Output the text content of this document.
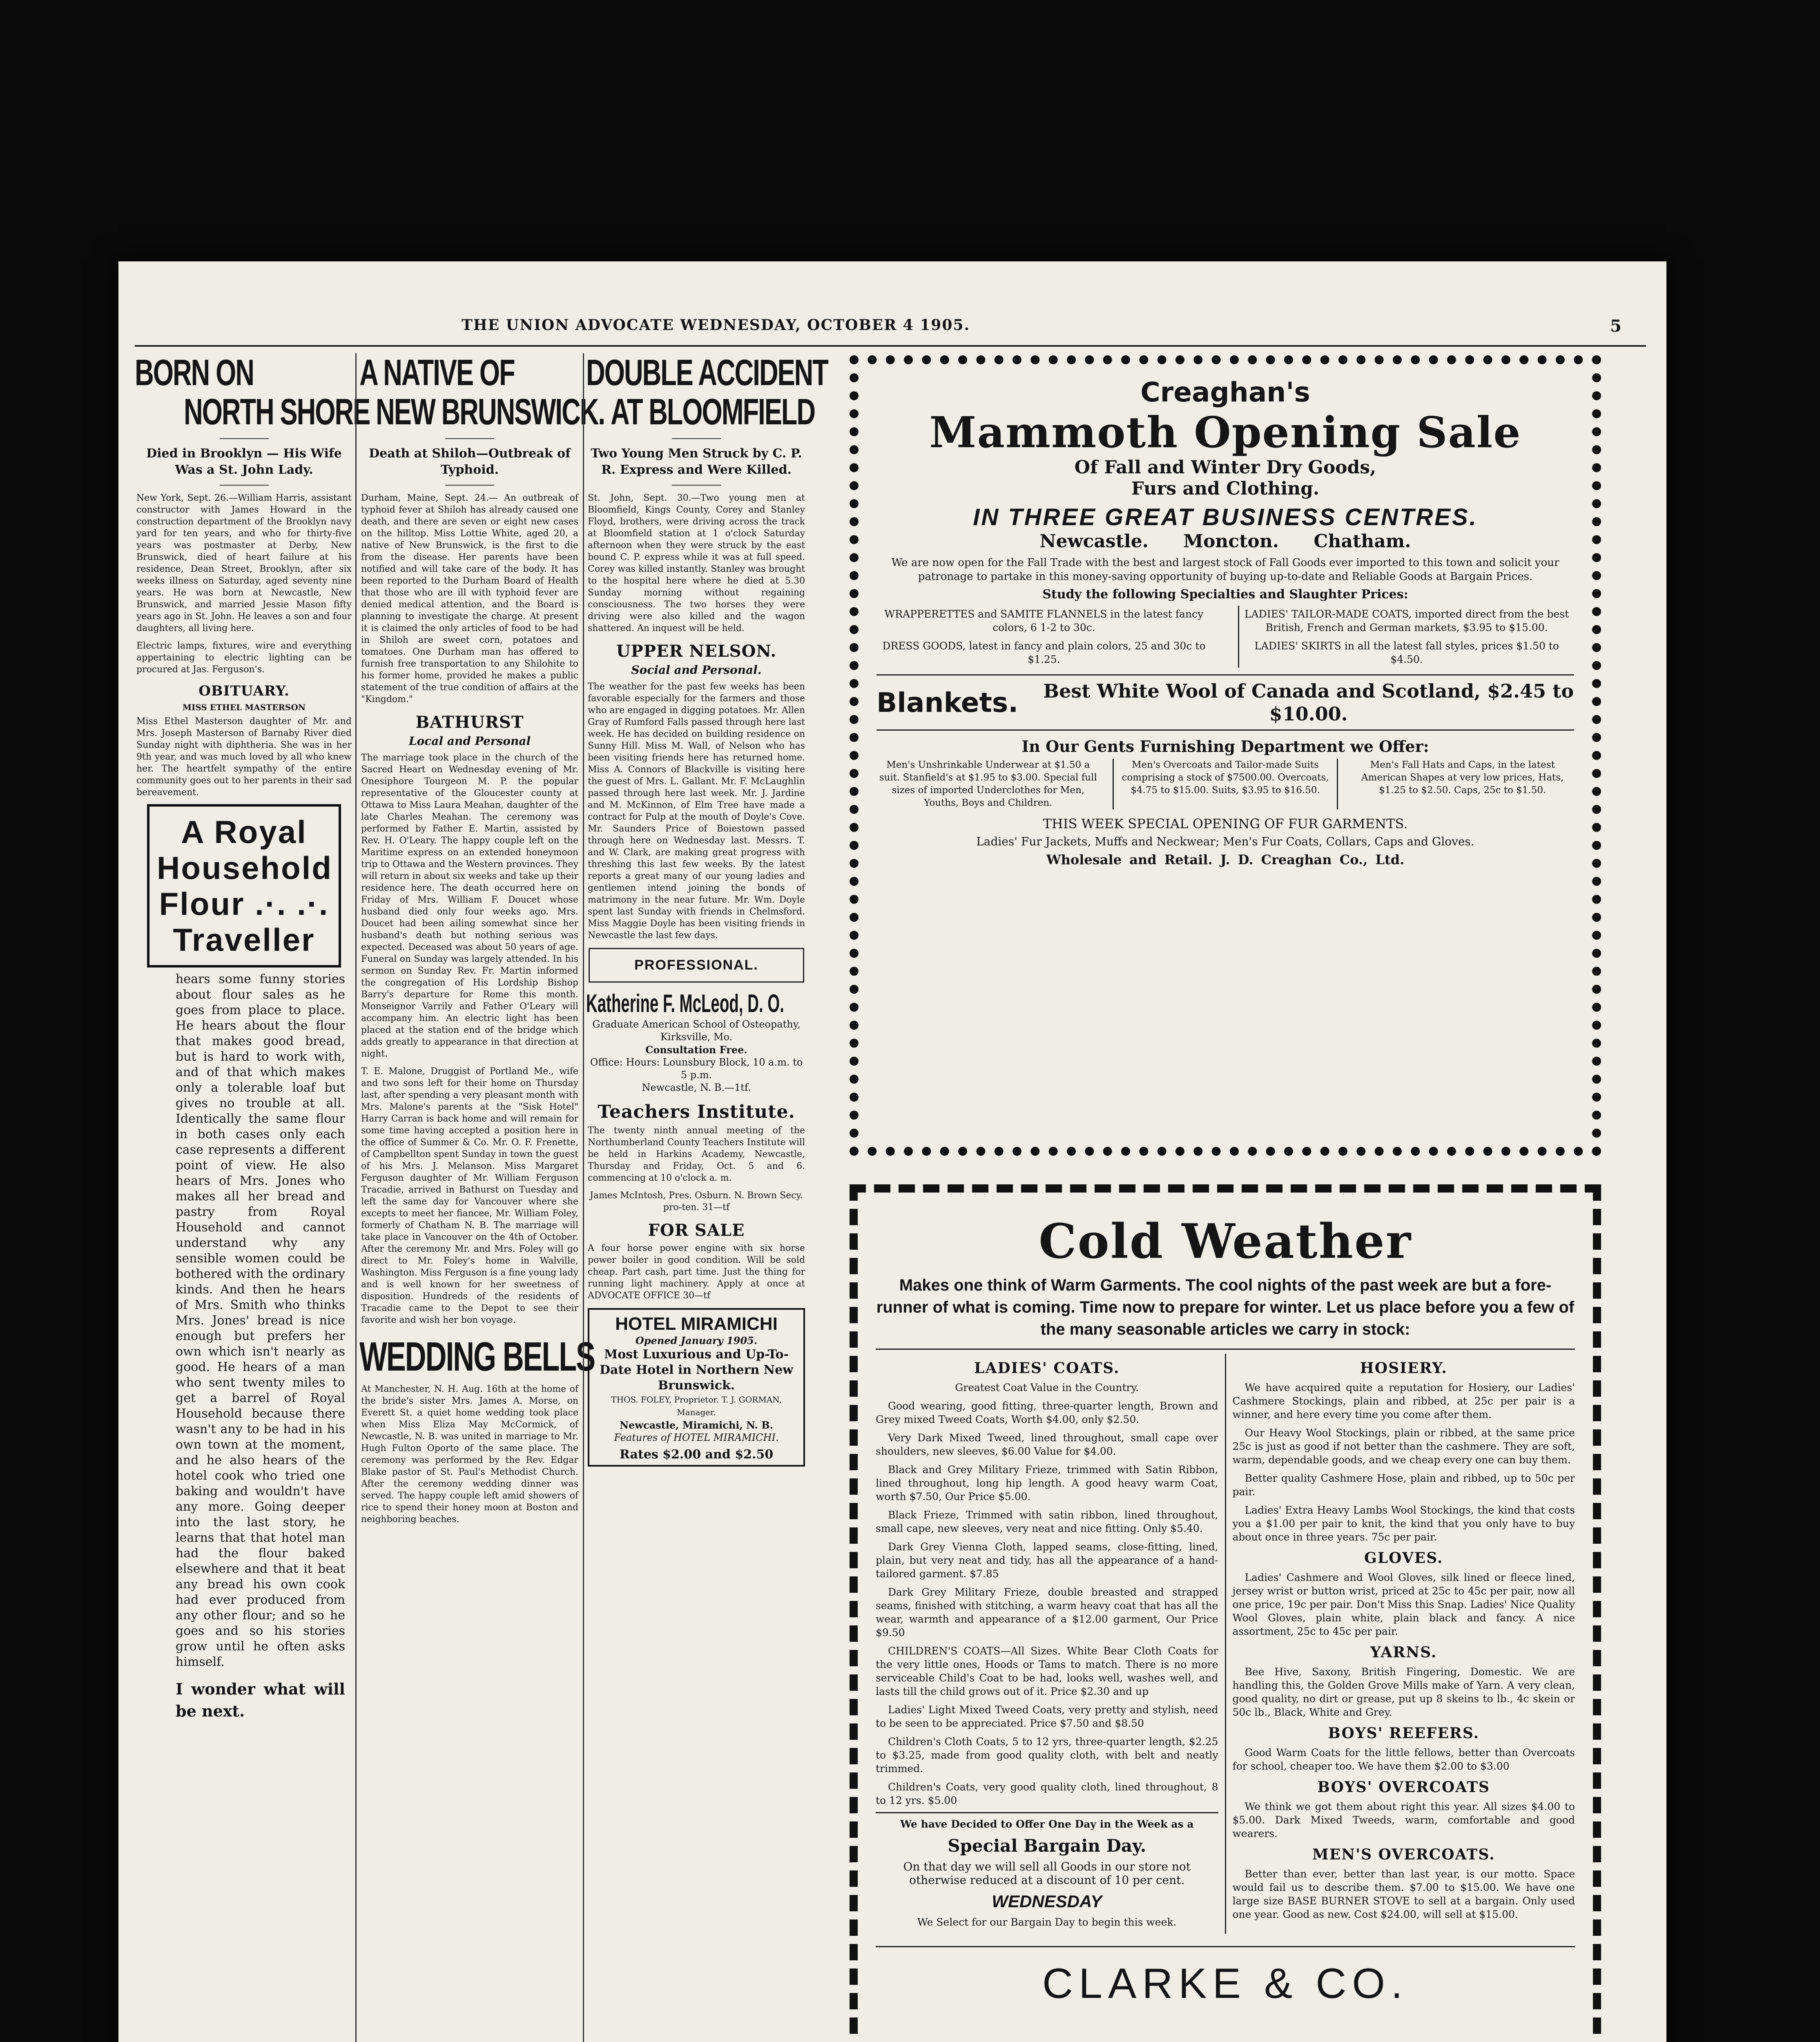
THE UNION ADVOCATE WEDNESDAY, OCTOBER 4 1905.	5
BORN ON
NORTH SHORE
Died in Brooklyn — His Wife Was a St. John Lady.

New York, Sept. 26.—William Harris, assistant constructor with James Howard in the construction department of the Brooklyn navy yard for ten years, and who for thirty-five years was postmaster at Derby, New Brunswick, died of heart failure at his residence, Dean Street, Brooklyn, after six weeks illness on Saturday, aged seventy nine years. He was born at Newcastle, New Brunswick, and married Jessie Mason fifty years ago in St. John. He leaves a son and four daughters, all living here.

Electric lamps, fixtures, wire and everything appertaining to electric lighting can be procured at Jas. Ferguson's.

OBITUARY.
MISS ETHEL MASTERSON

Miss Ethel Masterson daughter of Mr. and Mrs. Joseph Masterson of Barnaby River died Sunday night with diphtheria. She was in her 9th year, and was much loved by all who knew her. The heartfelt sympathy of the entire community goes out to her parents in their sad bereavement.

A Royal
Household
Flour .·. .·.
Traveller

hears some funny stories about flour sales as he goes from place to place. He hears about the flour that makes good bread, but is hard to work with, and of that which makes only a tolerable loaf but gives no trouble at all. Identically the same flour in both cases only each case represents a different point of view. He also hears of Mrs. Jones who makes all her bread and pastry from Royal Household and cannot understand why any sensible women could be bothered with the ordinary kinds. And then he hears of Mrs. Smith who thinks Mrs. Jones' bread is nice enough but prefers her own which isn't nearly as good. He hears of a man who sent twenty miles to get a barrel of Royal Household because there wasn't any to be had in his own town at the moment, and he also hears of the hotel cook who tried one baking and wouldn't have any more. Going deeper into the last story, he learns that that hotel man had the flour baked elsewhere and that it beat any bread his own cook had ever produced from any other flour; and so he goes and so his stories grow until he often asks himself.

I wonder what will be next.

A NATIVE OF
NEW BRUNSWICK.
Death at Shiloh—Outbreak of Typhoid.

Durham, Maine, Sept. 24.— An outbreak of typhoid fever at Shiloh has already caused one death, and there are seven or eight new cases on the hilltop. Miss Lottie White, aged 20, a native of New Brunswick, is the first to die from the disease. Her parents have been notified and will take care of the body. It has been reported to the Durham Board of Health that those who are ill with typhoid fever are denied medical attention, and the Board is planning to investigate the charge. At present it is claimed the only articles of food to be had in Shiloh are sweet corn, potatoes and tomatoes. One Durham man has offered to furnish free transportation to any Shilohite to his former home, provided he makes a public statement of the true condition of affairs at the "Kingdom."

BATHURST
Local and Personal

The marriage took place in the church of the Sacred Heart on Wednesday evening of Mr. Onesiphore Tourgeon M. P. the popular representative of the Gloucester county at Ottawa to Miss Laura Meahan, daughter of the late Charles Meahan. The ceremony was performed by Father E. Martin, assisted by Rev. H. O'Leary. The happy couple left on the Maritime express on an extended honeymoon trip to Ottawa and the Western provinces. They will return in about six weeks and take up their residence here. The death occurred here on Friday of Mrs. William F. Doucet whose husband died only four weeks ago. Mrs. Doucet had been ailing somewhat since her husband's death but nothing serious was expected. Deceased was about 50 years of age. Funeral on Sunday was largely attended. In his sermon on Sunday Rev. Fr. Martin informed the congregation of His Lordship Bishop Barry's departure for Rome this month. Monseignor Varrily and Father O'Leary will accompany him. An electric light has been placed at the station end of the bridge which adds greatly to appearance in that direction at night.

T. E. Malone, Druggist of Portland Me., wife and two sons left for their home on Thursday last, after spending a very pleasant month with Mrs. Malone's parents at the "Sisk Hotel" Harry Carran is back home and will remain for some time having accepted a position here in the office of Summer & Co. Mr. O. F. Frenette, of Campbellton spent Sunday in town the guest of his Mrs. J. Melanson. Miss Margaret Ferguson daughter of Mr. William Ferguson Tracadie, arrived in Bathurst on Tuesday and left the same day for Vancouver where she excepts to meet her fiancee, Mr. William Foley, formerly of Chatham N. B. The marriage will take place in Vancouver on the 4th of October. After the ceremony Mr. and Mrs. Foley will go direct to Mr. Foley's home in Walville, Washington. Miss Ferguson is a fine young lady and is well known for her sweetness of disposition. Hundreds of the residents of Tracadie came to the Depot to see their favorite and wish her bon voyage.

WEDDING BELLS

At Manchester, N. H. Aug. 16th at the home of the bride's sister Mrs. James A. Morse, on Everett St. a quiet home wedding took place when Miss Eliza May McCormick, of Newcastle, N. B. was united in marriage to Mr. Hugh Fulton Oporto of the same place. The ceremony was performed by the Rev. Edgar Blake pastor of St. Paul's Methodist Church. After the ceremony wedding dinner was served. The happy couple left amid showers of rice to spend their honey moon at Boston and neighboring beaches.

DOUBLE ACCIDENT
AT BLOOMFIELD
Two Young Men Struck by C. P. R. Express and Were Killed.

St. John, Sept. 30.—Two young men at Bloomfield, Kings County, Corey and Stanley Floyd, brothers, were driving across the track at Bloomfield station at 1 o'clock Saturday afternoon when they were struck by the east bound C. P. express while it was at full speed. Corey was killed instantly. Stanley was brought to the hospital here where he died at 5.30 Sunday morning without regaining consciousness. The two horses they were driving were also killed and the wagon shattered. An inquest will be held.

UPPER NELSON.
Social and Personal.

The weather for the past few weeks has been favorable especially for the farmers and those who are engaged in digging potatoes. Mr. Allen Gray of Rumford Falls passed through here last week. He has decided on building residence on Sunny Hill. Miss M. Wall, of Nelson who has been visiting friends here has returned home. Miss A. Connors of Blackville is visiting here the guest of Mrs. L. Gallant. Mr. F. McLaughlin passed through here last week. Mr. J. Jardine and M. McKinnon, of Elm Tree have made a contract for Pulp at the mouth of Doyle's Cove. Mr. Saunders Price of Boiestown passed through here on Wednesday last. Messrs. T. and W. Clark, are making great progress with threshing this last few weeks. By the latest reports a great many of our young ladies and gentlemen intend joining the bonds of matrimony in the near future. Mr. Wm. Doyle spent last Sunday with friends in Chelmsford. Miss Maggie Doyle has been visiting friends in Newcastle the last few days.

PROFESSIONAL.
Katherine F. McLeod, D. O.
Graduate American School of Osteopathy, Kirksville, Mo.
Consultation Free.
Office: Hours: Lounsbury Block, 10 a.m. to 5 p.m.
Newcastle, N. B.—1tf.
Teachers Institute.

The twenty ninth annual meeting of the Northumberland County Teachers Institute will be held in Harkins Academy, Newcastle, Thursday and Friday, Oct. 5 and 6. commencing at 10 o'clock a. m.

James McIntosh, Pres. Osburn. N. Brown Secy. pro-ten. 31—tf

FOR SALE

A four horse power engine with six horse power boiler in good condition. Will be sold cheap. Part cash, part time. Just the thing for running light machinery. Apply at once at ADVOCATE OFFICE 30—tf

HOTEL MIRAMICHI
Opened January 1905.
Most Luxurious and Up-To-Date Hotel in Northern New Brunswick.
THOS. FOLEY, Proprietor. T. J. GORMAN, Manager.
Newcastle, Miramichi, N. B.
Features of HOTEL MIRAMICHI.
Rates $2.00 and $2.50
Creaghan's
Mammoth Opening Sale
Of Fall and Winter Dry Goods,
Furs and Clothing.
IN THREE GREAT BUSINESS CENTRES.
Newcastle. Moncton. Chatham.
We are now open for the Fall Trade with the best and largest stock of Fall Goods ever imported to this town and solicit your patronage to partake in this money-saving opportunity of buying up-to-date and Reliable Goods at Bargain Prices.
Study the following Specialties and Slaughter Prices:

WRAPPERETTES and SAMITE FLANNELS in the latest fancy colors, 6 1-2 to 30c.

DRESS GOODS, latest in fancy and plain colors, 25 and 30c to $1.25.

LADIES' TAILOR-MADE COATS, imported direct from the best British, French and German markets, $3.95 to $15.00.

LADIES' SKIRTS in all the latest fall styles, prices $1.50 to $4.50.

Blankets. Best White Wool of Canada and Scotland, $2.45 to $10.00.
In Our Gents Furnishing Department we Offer:
Men's Unshrinkable Underwear at $1.50 a suit. Stanfield's at $1.95 to $3.00. Special full sizes of imported Underclothes for Men, Youths, Boys and Children.
Men's Overcoats and Tailor-made Suits comprising a stock of $7500.00. Overcoats, $4.75 to $15.00. Suits, $3.95 to $16.50.
Men's Fall Hats and Caps, in the latest American Shapes at very low prices, Hats, $1.25 to $2.50. Caps, 25c to $1.50.
THIS WEEK SPECIAL OPENING OF FUR GARMENTS.
Ladies' Fur Jackets, Muffs and Neckwear; Men's Fur Coats, Collars, Caps and Gloves.
Wholesale and Retail. J. D. Creaghan Co., Ltd.
Cold Weather
Makes one think of Warm Garments. The cool nights of the past week are but a fore-runner of what is coming. Time now to prepare for winter. Let us place before you a few of the many seasonable articles we carry in stock:
LADIES' COATS.
Greatest Coat Value in the Country.

Good wearing, good fitting, three-quarter length, Brown and Grey mixed Tweed Coats, Worth $4.00, only $2.50.

Very Dark Mixed Tweed, lined throughout, small cape over shoulders, new sleeves, $6.00 Value for $4.00.

Black and Grey Military Frieze, trimmed with Satin Ribbon, lined throughout, long hip length. A good heavy warm Coat, worth $7.50, Our Price $5.00.

Black Frieze, Trimmed with satin ribbon, lined throughout, small cape, new sleeves, very neat and nice fitting. Only $5.40.

Dark Grey Vienna Cloth, lapped seams, close-fitting, lined, plain, but very neat and tidy, has all the appearance of a hand-tailored garment. $7.85

Dark Grey Military Frieze, double breasted and strapped seams, finished with stitching, a warm heavy coat that has all the wear, warmth and appearance of a $12.00 garment, Our Price $9.50

CHILDREN'S COATS—All Sizes. White Bear Cloth Coats for the very little ones, Hoods or Tams to match. There is no more serviceable Child's Coat to be had, looks well, washes well, and lasts till the child grows out of it. Price $2.30 and up

Ladies' Light Mixed Tweed Coats, very pretty and stylish, need to be seen to be appreciated. Price $7.50 and $8.50

Children's Cloth Coats, 5 to 12 yrs, three-quarter length, $2.25 to $3.25, made from good quality cloth, with belt and neatly trimmed.

Children's Coats, very good quality cloth, lined throughout, 8 to 12 yrs. $5.00

We have Decided to Offer One Day in the Week as a
Special Bargain Day.
On that day we will sell all Goods in our store not otherwise reduced at a discount of 10 per cent.
WEDNESDAY
We Select for our Bargain Day to begin this week.
HOSIERY.

We have acquired quite a reputation for Hosiery, our Ladies' Cashmere Stockings, plain and ribbed, at 25c per pair is a winner, and here every time you come after them.

Our Heavy Wool Stockings, plain or ribbed, at the same price 25c is just as good if not better than the cashmere. They are soft, warm, dependable goods, and we cheap every one can buy them.

Better quality Cashmere Hose, plain and ribbed, up to 50c per pair.

Ladies' Extra Heavy Lambs Wool Stockings, the kind that costs you a $1.00 per pair to knit, the kind that you only have to buy about once in three years. 75c per pair.

GLOVES.

Ladies' Cashmere and Wool Gloves, silk lined or fleece lined, jersey wrist or button wrist, priced at 25c to 45c per pair, now all one price, 19c per pair. Don't Miss this Snap. Ladies' Nice Quality Wool Gloves, plain white, plain black and fancy. A nice assortment, 25c to 45c per pair.

YARNS.

Bee Hive, Saxony, British Fingering, Domestic. We are handling this, the Golden Grove Mills make of Yarn. A very clean, good quality, no dirt or grease, put up 8 skeins to lb., 4c skein or 50c lb., Black, White and Grey.

BOYS' REEFERS.

Good Warm Coats for the little fellows, better than Overcoats for school, cheaper too. We have them $2.00 to $3.00

BOYS' OVERCOATS

We think we got them about right this year. All sizes $4.00 to $5.00. Dark Mixed Tweeds, warm, comfortable and good wearers.

MEN'S OVERCOATS.

Better than ever, better than last year, is our motto. Space would fail us to describe them. $7.00 to $15.00. We have one large size BASE BURNER STOVE to sell at a bargain. Only used one year. Good as new. Cost $24.00, will sell at $15.00.

CLARKE & CO.
